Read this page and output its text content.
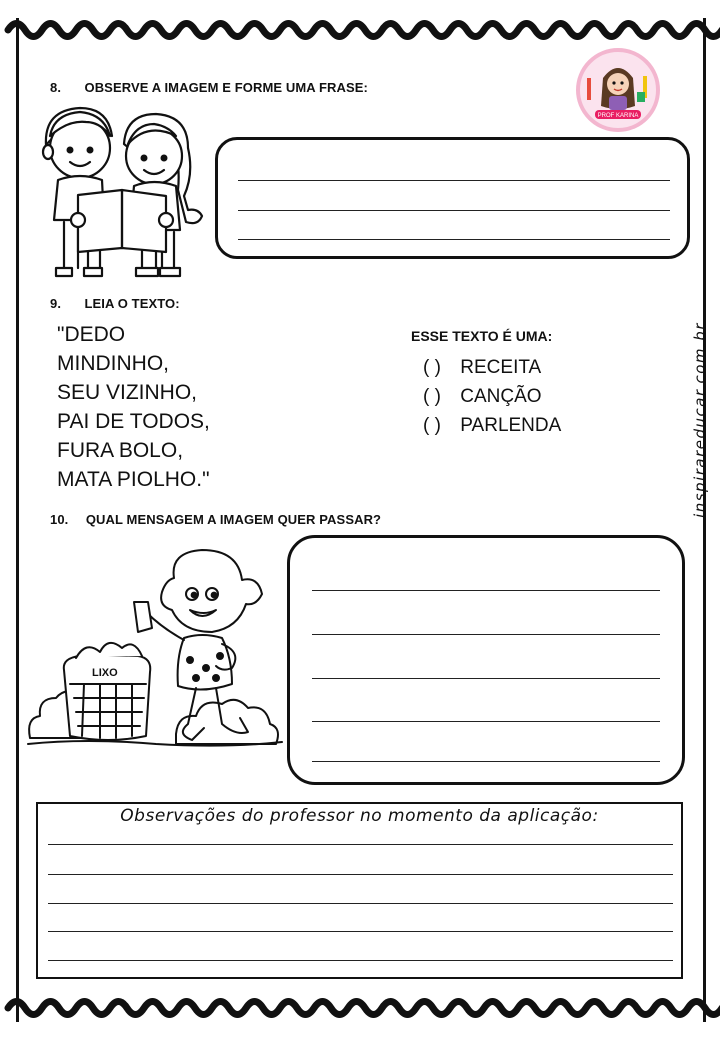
8. OBSERVE A IMAGEM E FORME UMA FRASE:
PROF KARINA
9. LEIA O TEXTO:
"DEDO
MINDINHO,
SEU VIZINHO,
PAI DE TODOS,
FURA BOLO,
MATA PIOLHO."
ESSE TEXTO É UMA:
( ) RECEITA
( ) CANÇÃO
( ) PARLENDA	inspirareducar.com.br
10. QUAL MENSAGEM A IMAGEM QUER PASSAR?
LIXO
Observações do professor no momento da aplicação:
